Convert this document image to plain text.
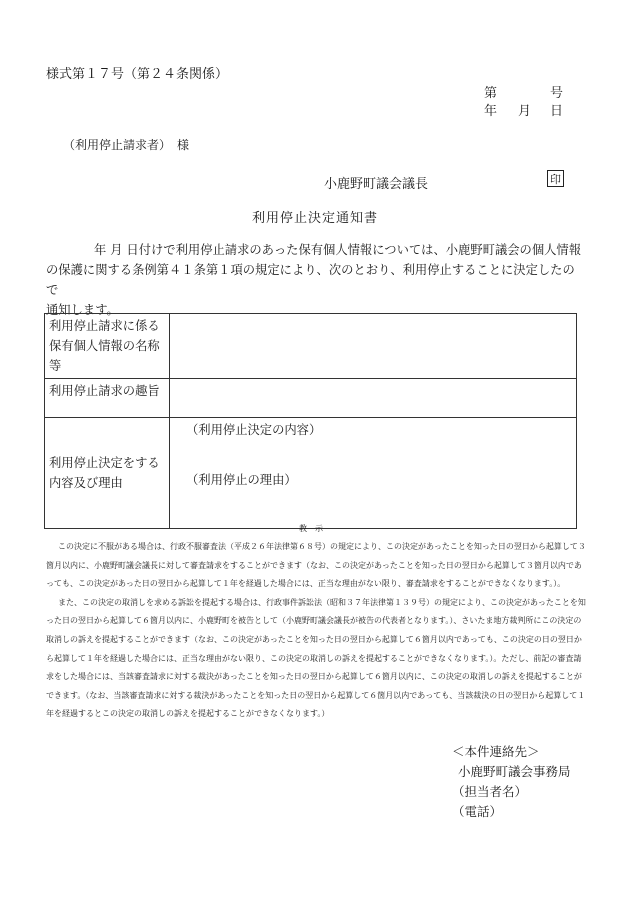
様式第１７号（第２４条関係）
第	号
年 月 日
（利用停止請求者）　様
小鹿野町議会議長	印
利用停止決定通知書
年 月 日付けで利用停止請求のあった保有個人情報については、小鹿野町議会の個人情報
の保護に関する条例第４１条第１項の規定により、次のとおり、利用停止することに決定したので
通知します。
利用停止請求に係る保有個人情報の名称等	
利用停止請求の趣旨	
利用停止決定をする内容及び理由	（利用停止決定の内容）
（利用停止の理由）
教示

この決定に不服がある場合は、行政不服審査法（平成２６年法律第６８号）の規定により、この決定があったことを知った日の翌日から起算して３箇月以内に、小鹿野町議会議長に対して審査請求をすることができます（なお、この決定があったことを知った日の翌日から起算して３箇月以内であっても、この決定があった日の翌日から起算して１年を経過した場合には、正当な理由がない限り、審査請求をすることができなくなります。）。

また、この決定の取消しを求める訴訟を提起する場合は、行政事件訴訟法（昭和３７年法律第１３９号）の規定により、この決定があったことを知った日の翌日から起算して６箇月以内に、小鹿野町を被告として（小鹿野町議会議長が被告の代表者となります。）、さいたま地方裁判所にこの決定の取消しの訴えを提起することができます（なお、この決定があったことを知った日の翌日から起算して６箇月以内であっても、この決定の日の翌日から起算して１年を経過した場合には、正当な理由がない限り、この決定の取消しの訴えを提起することができなくなります。）。ただし、前記の審査請求をした場合には、当該審査請求に対する裁決があったことを知った日の翌日から起算して６箇月以内に、この決定の取消しの訴えを提起することができます。（なお、当該審査請求に対する裁決があったことを知った日の翌日から起算して６箇月以内であっても、当該裁決の日の翌日から起算して１年を経過するとこの決定の取消しの訴えを提起することができなくなります。）

＜本件連絡先＞
小鹿野町議会事務局
（担当者名）
（電話）
